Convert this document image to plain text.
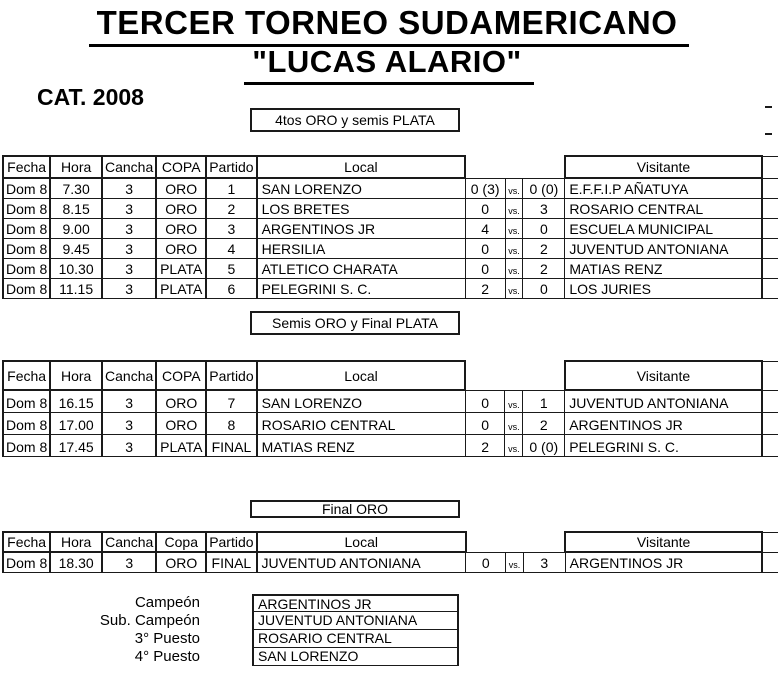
TERCER TORNEO SUDAMERICANO
"LUCAS ALARIO"
CAT. 2008
4tos ORO y semis PLATA
Semis ORO y Final PLATA
Final ORO
Fecha	Hora	Cancha	COPA	Partido	Local				Visitante	
Dom 8	7.30	3	ORO	1	SAN LORENZO	0 (3)	vs.	0 (0)	E.F.F.I.P AÑATUYA	
Dom 8	8.15	3	ORO	2	LOS BRETES	0	vs.	3	ROSARIO CENTRAL	
Dom 8	9.00	3	ORO	3	ARGENTINOS JR	4	vs.	0	ESCUELA MUNICIPAL	
Dom 8	9.45	3	ORO	4	HERSILIA	0	vs.	2	JUVENTUD ANTONIANA	
Dom 8	10.30	3	PLATA	5	ATLETICO CHARATA	0	vs.	2	MATIAS RENZ	
Dom 8	11.15	3	PLATA	6	PELEGRINI S. C.	2	vs.	0	LOS JURIES	
Fecha	Hora	Cancha	COPA	Partido	Local				Visitante	
Dom 8	16.15	3	ORO	7	SAN LORENZO	0	vs.	1	JUVENTUD ANTONIANA	
Dom 8	17.00	3	ORO	8	ROSARIO CENTRAL	0	vs.	2	ARGENTINOS JR	
Dom 8	17.45	3	PLATA	FINAL	MATIAS RENZ	2	vs.	0 (0)	PELEGRINI S. C.	
Fecha	Hora	Cancha	Copa	Partido	Local				Visitante	
Dom 8	18.30	3	ORO	FINAL	JUVENTUD ANTONIANA	0	vs.	3	ARGENTINOS JR	
Campeón	ARGENTINOS JR
Sub. Campeón	JUVENTUD ANTONIANA
3° Puesto	ROSARIO CENTRAL
4° Puesto	SAN LORENZO
